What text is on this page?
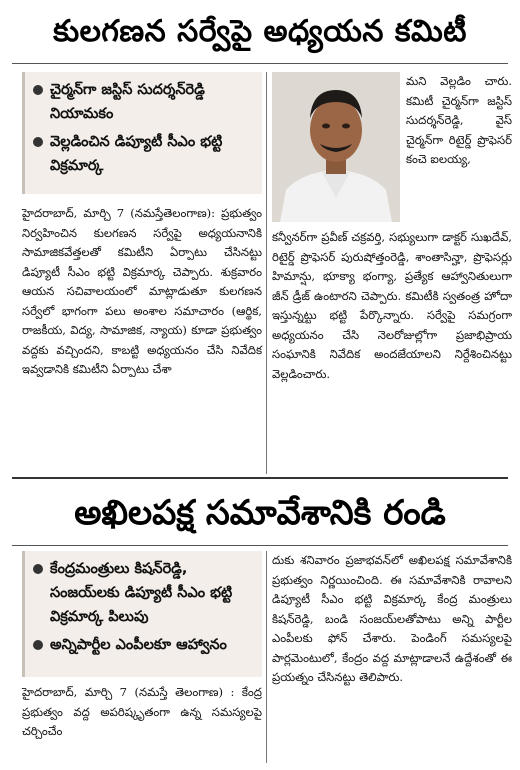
కులగణన సర్వేపై అధ్యయన కమిటీ
చైర్మన్‌గా జస్టిస్ సుదర్శన్‌రెడ్డి నియామకం
వెల్లడించిన డిప్యూటీ సీఎం భట్టి విక్రమార్క
మని వెల్లడిం చారు. కమిటీ చైర్మన్‌గా జస్టిస్ సుదర్శన్‌రెడ్డి, వైస్ చైర్మన్‌గా రిటైర్డ్ ప్రొఫెసర్ కంచె ఐలయ్య,
హైదరాబాద్, మార్చి 7 (నమస్తేతెలంగాణ): ప్రభుత్వం నిర్వహించిన కులగణన సర్వేపై అధ్యయనానికి సామాజికవేత్తలతో కమిటీని ఏర్పాటు చేసినట్టు డిప్యూటీ సీఎం భట్టి విక్రమార్క చెప్పారు. శుక్రవారం ఆయన సచివాలయంలో మాట్లాడుతూ కులగణన సర్వేలో భాగంగా పలు అంశాల సమాచారం (ఆర్థిక, రాజకీయ, విద్య, సామాజిక, న్యాయ) కూడా ప్రభుత్వం వద్దకు వచ్చిందని, కాబట్టి అధ్యయనం చేసి నివేదిక ఇవ్వడానికి కమిటీని ఏర్పాటు చేశా
కన్వీనర్‌గా ప్రవీణ్ చక్రవర్తి, సభ్యులుగా డాక్టర్ సుఖదేవ్, రిటైర్డ్ ప్రొఫెసర్ పురుషోత్తంరెడ్డి, శాంతాసిన్హా, ప్రొఫెసర్లు హిమాన్షు, భూక్యా భంగ్యా, ప్రత్యేక ఆహ్వానితులుగా జీన్ డ్రీజ్ ఉంటారని చెప్పారు. కమిటీకి స్వతంత్ర హోదా ఇస్తున్నట్టు భట్టి పేర్కొన్నారు. సర్వేపై సమగ్రంగా అధ్యయనం చేసి నెలరోజుల్లోగా ప్రజాభిప్రాయ సంఘానికి నివేదిక అందజేయాలని నిర్దేశించినట్టు వెల్లడించారు.
అఖిలపక్ష సమావేశానికి రండి
కేంద్రమంత్రులు కిషన్‌రెడ్డి, సంజయ్‌లకు డిప్యూటీ సీఎం భట్టి విక్రమార్క పిలుపు
అన్నిపార్టీల ఎంపీలకూ ఆహ్వానం
హైదరాబాద్, మార్చి 7 (నమస్తే తెలంగాణ) : కేంద్ర ప్రభుత్వం వద్ద అపరిష్కృతంగా ఉన్న సమస్యలపై చర్చించేం
దుకు శనివారం ప్రజాభవన్‌లో అఖిలపక్ష సమావేశానికి ప్రభుత్వం నిర్ణయించింది. ఈ సమావేశానికి రావాలని డిప్యూటీ సీఎం భట్టి విక్రమార్క కేంద్ర మంత్రులు కిషన్‌రెడ్డి, బండి సంజయ్‌లతోపాటు అన్ని పార్టీల ఎంపీలకు ఫోన్ చేశారు. పెండింగ్ సమస్యలపై పార్లమెంటులో, కేంద్రం వద్ద మాట్లాడాలనే ఉద్దేశంతో ఈ ప్రయత్నం చేసినట్టు తెలిపారు.
